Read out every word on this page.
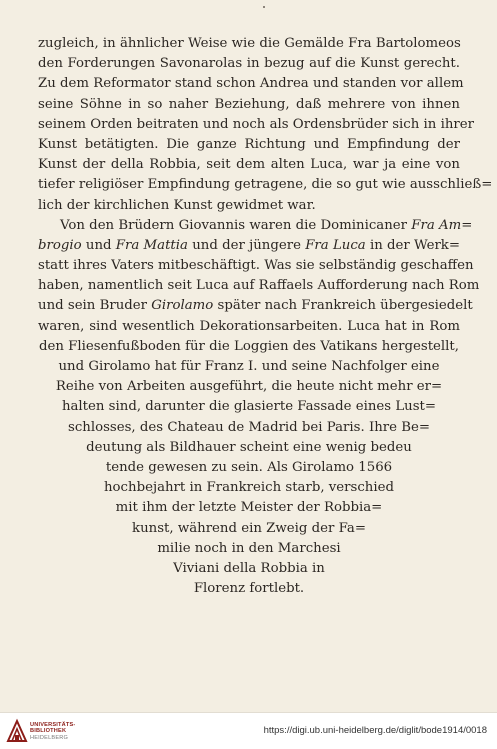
zugleich, in ähnlicher Weise wie die Gemälde Fra Bartolomeos
den Forderungen Savonarolas in bezug auf die Kunst gerecht.
Zu dem Reformator stand schon Andrea und standen vor allem
seine Söhne in so naher Beziehung, daß mehrere von ihnen
seinem Orden beitraten und noch als Ordensbrüder sich in ihrer
Kunst betätigten. Die ganze Richtung und Empfindung der
Kunst der della Robbia, seit dem alten Luca, war ja eine von
tiefer religiöser Empfindung getragene, die so gut wie ausschließ=
lich der kirchlichen Kunst gewidmet war.
Von den Brüdern Giovannis waren die Dominicaner Fra Am=
brogio und Fra Mattia und der jüngere Fra Luca in der Werk=
statt ihres Vaters mitbeschäftigt. Was sie selbständig geschaffen
haben, namentlich seit Luca auf Raffaels Aufforderung nach Rom
und sein Bruder Girolamo später nach Frankreich übergesiedelt
waren, sind wesentlich Dekorationsarbeiten. Luca hat in Rom
den Fliesenfußboden für die Loggien des Vatikans hergestellt,
und Girolamo hat für Franz I. und seine Nachfolger eine
Reihe von Arbeiten ausgeführt, die heute nicht mehr er=
halten sind, darunter die glasierte Fassade eines Lust=
schlosses, des Chateau de Madrid bei Paris. Ihre Be=
deutung als Bildhauer scheint eine wenig bedeu
tende gewesen zu sein. Als Girolamo 1566
hochbejahrt in Frankreich starb, verschied
mit ihm der letzte Meister der Robbia=
kunst, während ein Zweig der Fa=
milie noch in den Marchesi
Viviani della Robbia in
Florenz fortlebt.
UNIVERSITÄTS-
BIBLIOTHEK
HEIDELBERG
https://digi.ub.uni-heidelberg.de/diglit/bode1914/0018
